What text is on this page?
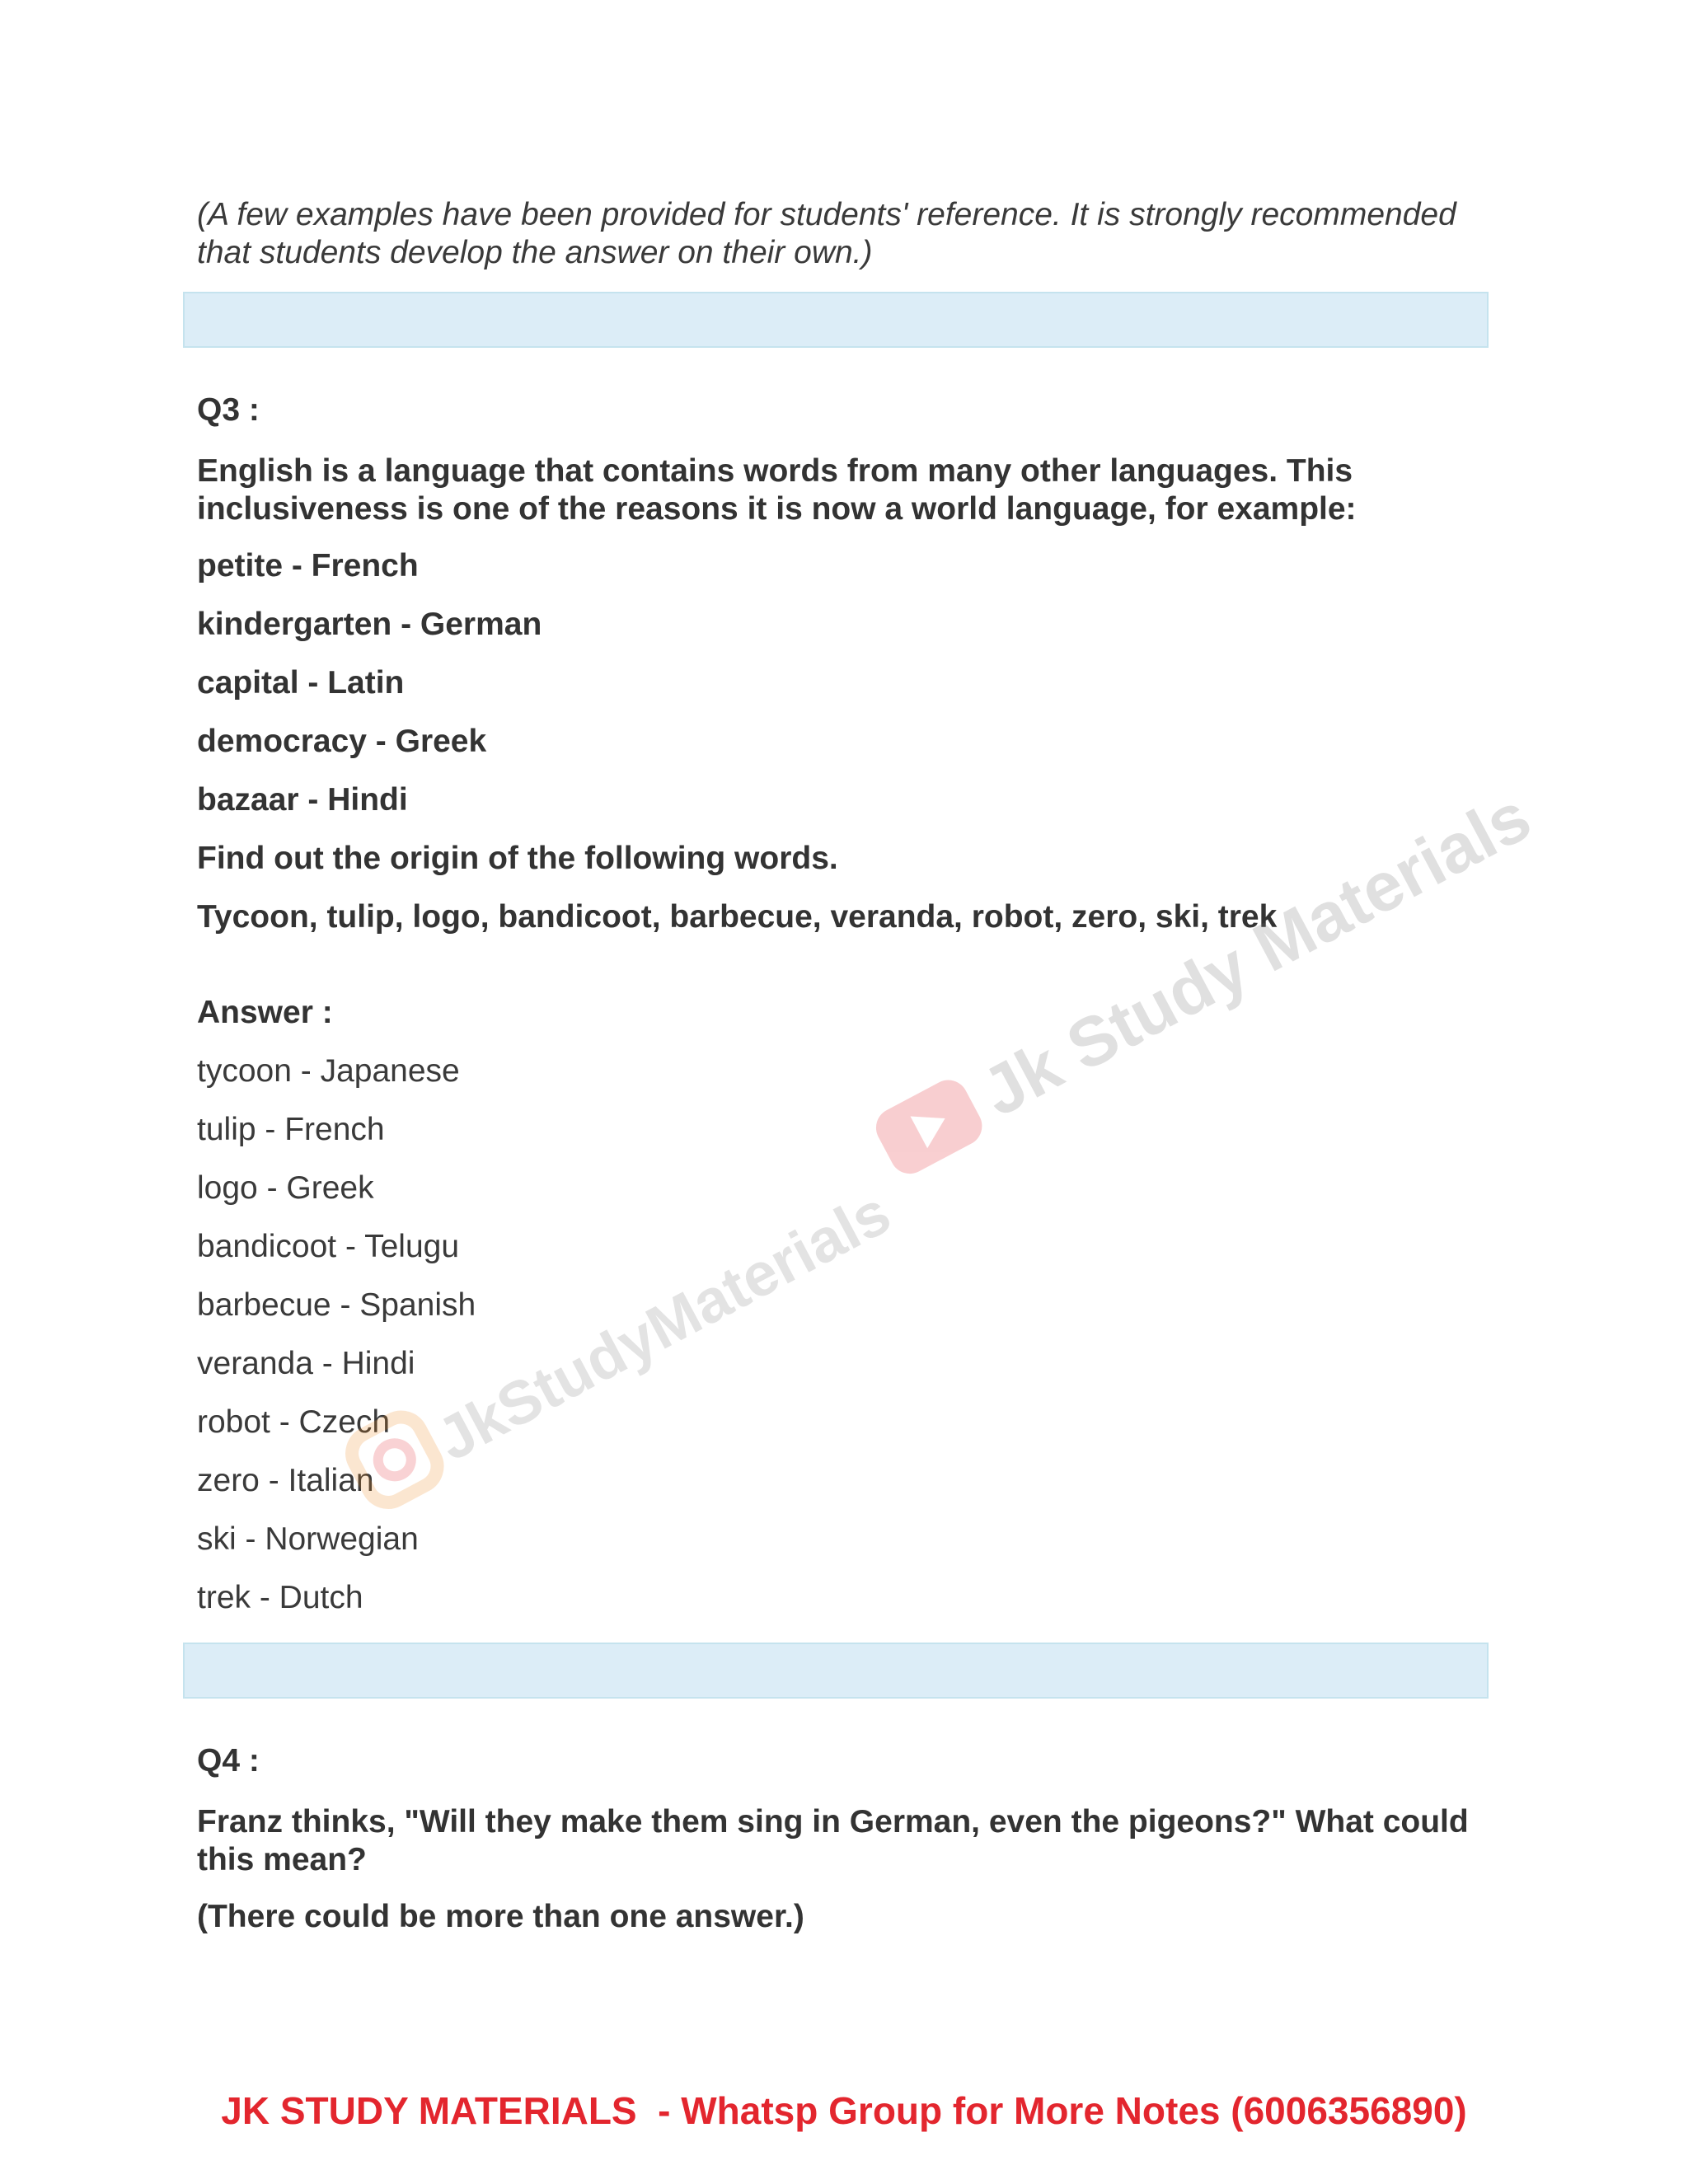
(A few examples have been provided for students' reference. It is strongly recommended that students develop the answer on their own.)

Q3 :

English is a language that contains words from many other languages. This inclusiveness is one of the reasons it is now a world language, for example:

petite - French

kindergarten - German

capital - Latin

democracy - Greek

bazaar - Hindi

Find out the origin of the following words.

Tycoon, tulip, logo, bandicoot, barbecue, veranda, robot, zero, ski, trek

Answer :

tycoon - Japanese

tulip - French

logo - Greek

bandicoot - Telugu

barbecue - Spanish

veranda - Hindi

robot - Czech

zero - Italian

ski - Norwegian

trek - Dutch

Q4 :

Franz thinks, "Will they make them sing in German, even the pigeons?" What could this mean?

(There could be more than one answer.)

Jk Study Materials
JkStudyMaterials
JK STUDY MATERIALS  - Whatsp Group for More Notes (6006356890)
